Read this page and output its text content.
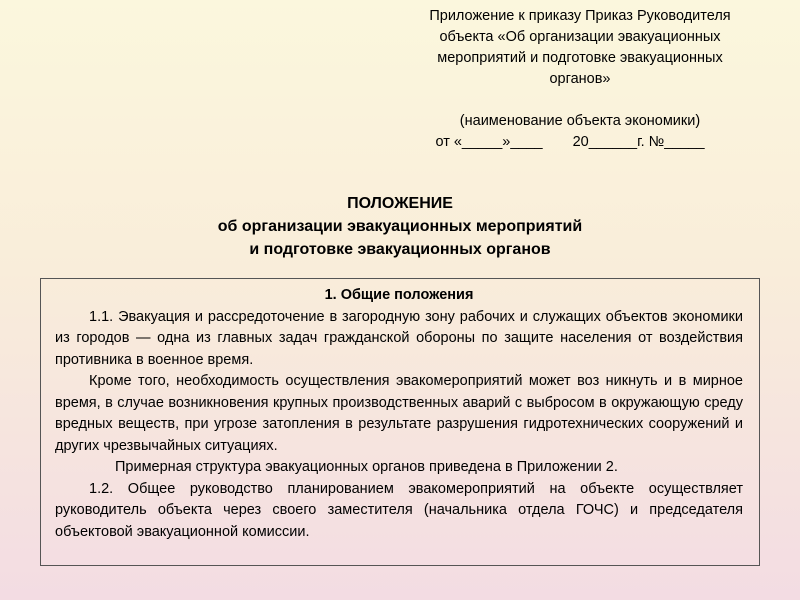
Приложение к приказу Приказ Руководителя
объекта «Об организации эвакуационных
мероприятий и подготовке эвакуационных
органов»
(наименование объекта экономики)
от «_____»____ 20______г. №_____
ПОЛОЖЕНИЕ
об организации эвакуационных мероприятий
и подготовке эвакуационных органов
1. Общие положения

1.1. Эвакуация и рассредоточение в загородную зону рабочих и служащих объектов экономики из городов — одна из главных задач гражданской обороны по защите населения от воздействия противника в военное время.

Кроме того, необходимость осуществления эвакомероприятий может воз никнуть и в мирное время, в случае возникновения крупных производственных аварий с выбросом в окружающую среду вредных веществ, при угрозе затопления в результате разрушения гидротехнических сооружений и других чрезвычайных ситуациях.

Примерная структура эвакуационных органов приведена в Приложении 2.

1.2. Общее руководство планированием эвакомероприятий на объекте осуществляет руководитель объекта через своего заместителя (начальника отдела ГОЧС) и председателя объектовой эвакуационной комиссии.
